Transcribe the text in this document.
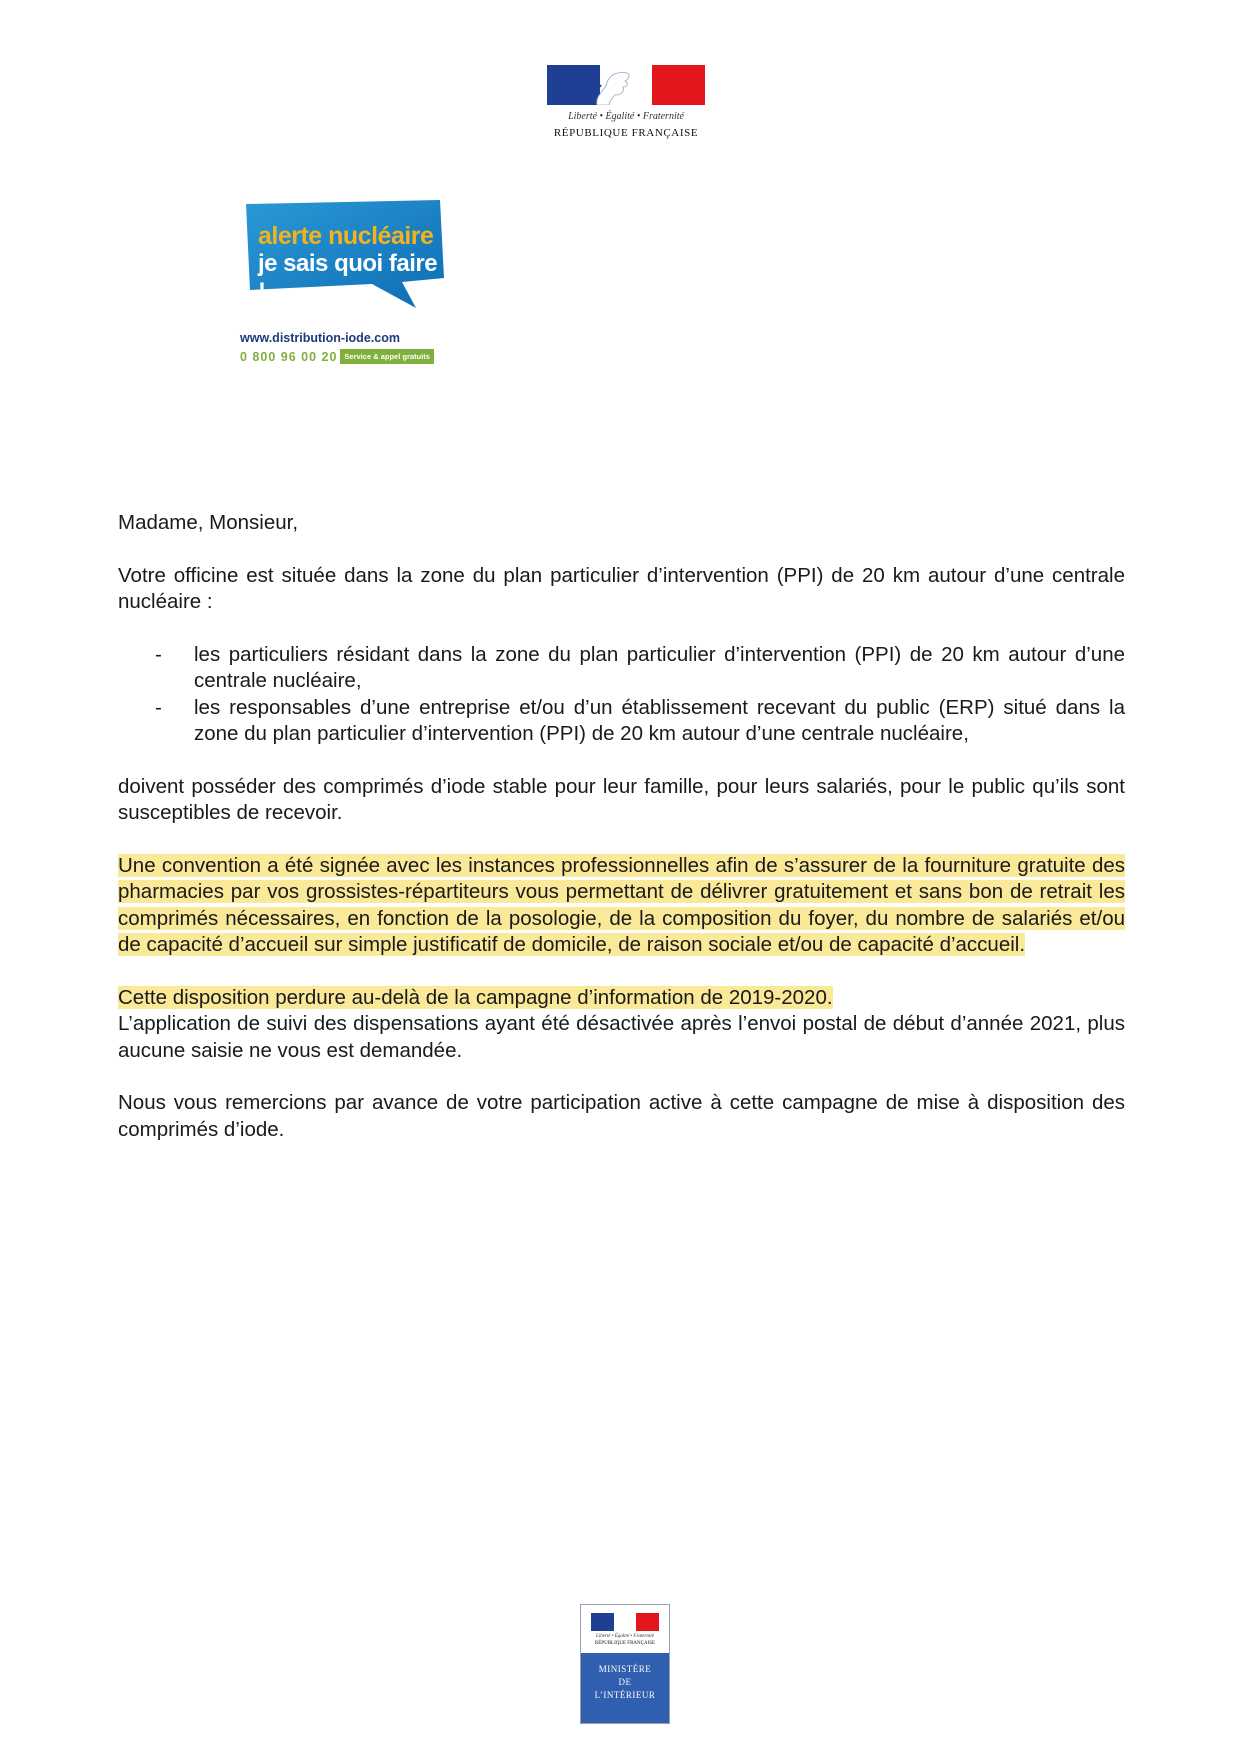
Liberté • Égalité • Fraternité
RÉPUBLIQUE FRANÇAISE
alerte nucléaire
je sais quoi faire !
www.distribution-iode.com
0 800 96 00 20 Service & appel gratuits

Madame, Monsieur,

Votre officine est située dans la zone du plan particulier d’intervention (PPI) de 20 km autour d’une centrale nucléaire :

- les particuliers résidant dans la zone du plan particulier d’intervention (PPI) de 20 km autour d’une centrale nucléaire,
- les responsables d’une entreprise et/ou d’un établissement recevant du public (ERP) situé dans la zone du plan particulier d’intervention (PPI) de 20 km autour d’une centrale nucléaire,

doivent posséder des comprimés d’iode stable pour leur famille, pour leurs salariés, pour le public qu’ils sont susceptibles de recevoir.

Une convention a été signée avec les instances professionnelles afin de s’assurer de la fourniture gratuite des pharmacies par vos grossistes-répartiteurs vous permettant de délivrer gratuitement et sans bon de retrait les comprimés nécessaires, en fonction de la posologie, de la composition du foyer, du nombre de salariés et/ou de capacité d’accueil sur simple justificatif de domicile, de raison sociale et/ou de capacité d’accueil.

Cette disposition perdure au-delà de la campagne d’information de 2019-2020.

L’application de suivi des dispensations ayant été désactivée après l’envoi postal de début d’année 2021, plus aucune saisie ne vous est demandée.

Nous vous remercions par avance de votre participation active à cette campagne de mise à disposition des comprimés d’iode.

Liberté • Égalité • Fraternité
RÉPUBLIQUE FRANÇAISE
MINISTÈRE
DE
L’INTÉRIEUR
